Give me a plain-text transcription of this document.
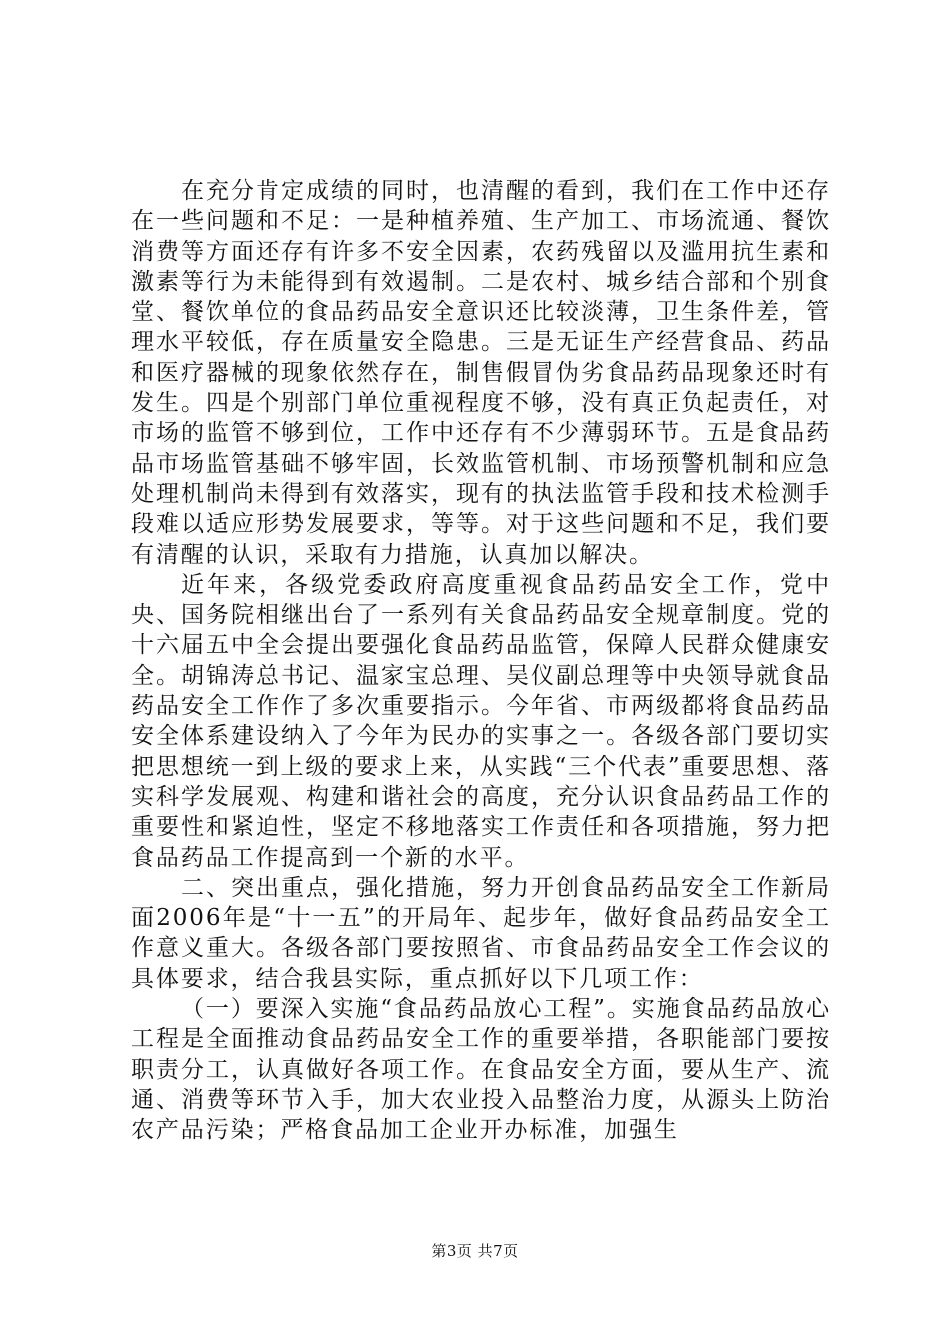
在充分肯定成绩的同时，也清醒的看到，我们在工作中还存在一些问题和不足：一是种植养殖、生产加工、市场流通、餐饮消费等方面还存有许多不安全因素，农药残留以及滥用抗生素和激素等行为未能得到有效遏制。二是农村、城乡结合部和个别食堂、餐饮单位的食品药品安全意识还比较淡薄，卫生条件差，管理水平较低，存在质量安全隐患。三是无证生产经营食品、药品和医疗器械的现象依然存在，制售假冒伪劣食品药品现象还时有发生。四是个别部门单位重视程度不够，没有真正负起责任，对市场的监管不够到位，工作中还存有不少薄弱环节。五是食品药品市场监管基础不够牢固，长效监管机制、市场预警机制和应急处理机制尚未得到有效落实，现有的执法监管手段和技术检测手段难以适应形势发展要求，等等。对于这些问题和不足，我们要有清醒的认识，采取有力措施，认真加以解决。

近年来，各级党委政府高度重视食品药品安全工作，党中央、国务院相继出台了一系列有关食品药品安全规章制度。党的十六届五中全会提出要强化食品药品监管，保障人民群众健康安全。胡锦涛总书记、温家宝总理、吴仪副总理等中央领导就食品药品安全工作作了多次重要指示。今年省、市两级都将食品药品安全体系建设纳入了今年为民办的实事之一。各级各部门要切实把思想统一到上级的要求上来，从实践“三个代表”重要思想、落实科学发展观、构建和谐社会的高度，充分认识食品药品工作的重要性和紧迫性，坚定不移地落实工作责任和各项措施，努力把食品药品工作提高到一个新的水平。

二、突出重点，强化措施，努力开创食品药品安全工作新局面2006年是“十一五”的开局年、起步年，做好食品药品安全工作意义重大。各级各部门要按照省、市食品药品安全工作会议的具体要求，结合我县实际，重点抓好以下几项工作：

（一）要深入实施“食品药品放心工程”。实施食品药品放心工程是全面推动食品药品安全工作的重要举措，各职能部门要按职责分工，认真做好各项工作。在食品安全方面，要从生产、流通、消费等环节入手，加大农业投入品整治力度，从源头上防治农产品污染；严格食品加工企业开办标准，加强生

第3页 共7页
